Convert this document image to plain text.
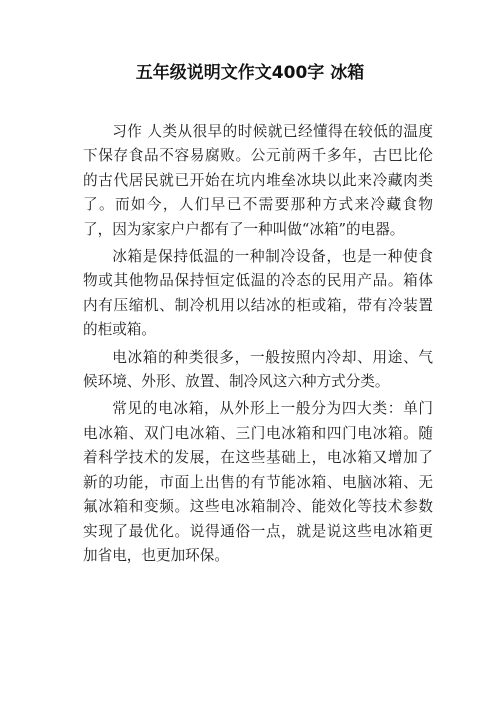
五年级说明文作文400字 冰箱

习作 人类从很早的时候就已经懂得在较低的温度下保存食品不容易腐败。公元前两千多年，古巴比伦的古代居民就已开始在坑内堆垒冰块以此来冷藏肉类了。而如今，人们早已不需要那种方式来冷藏食物了，因为家家户户都有了一种叫做“冰箱”的电器。

冰箱是保持低温的一种制冷设备，也是一种使食物或其他物品保持恒定低温的冷态的民用产品。箱体内有压缩机、制冷机用以结冰的柜或箱，带有冷装置的柜或箱。

电冰箱的种类很多，一般按照内冷却、用途、气候环境、外形、放置、制冷风这六种方式分类。

常见的电冰箱，从外形上一般分为四大类：单门电冰箱、双门电冰箱、三门电冰箱和四门电冰箱。随着科学技术的发展，在这些基础上，电冰箱又增加了新的功能，市面上出售的有节能冰箱、电脑冰箱、无氟冰箱和变频。这些电冰箱制冷、能效化等技术参数实现了最优化。说得通俗一点，就是说这些电冰箱更加省电，也更加环保。
